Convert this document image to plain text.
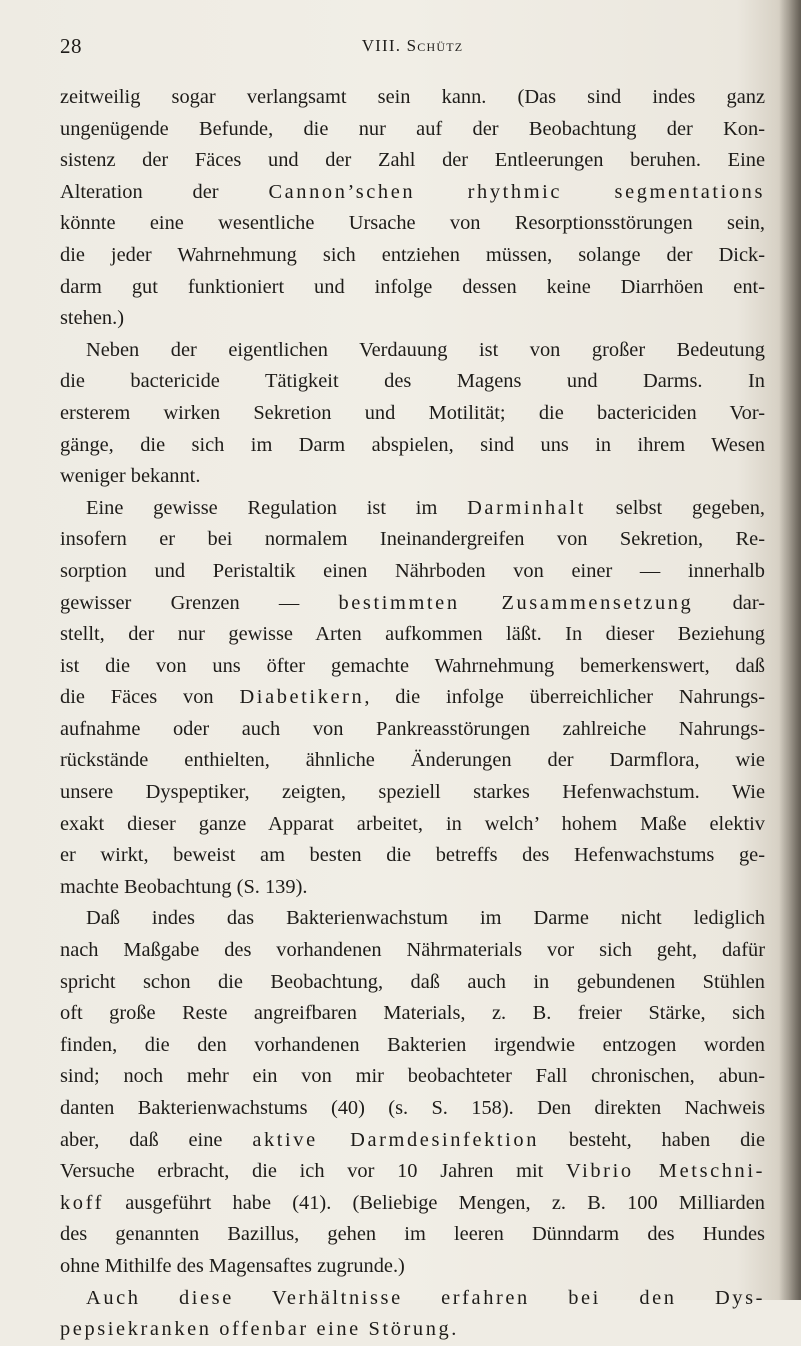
28	VIII. Schütz
zeitweilig sogar verlangsamt sein kann. (Das sind indes ganz
ungenügende Befunde, die nur auf der Beobachtung der Kon-
sistenz der Fäces und der Zahl der Entleerungen beruhen. Eine
Alteration der Cannon’schen rhythmic segmentations
könnte eine wesentliche Ursache von Resorptionsstörungen sein,
die jeder Wahrnehmung sich entziehen müssen, solange der Dick-
darm gut funktioniert und infolge dessen keine Diarrhöen ent-
stehen.)
Neben der eigentlichen Verdauung ist von großer Bedeutung
die bactericide Tätigkeit des Magens und Darms. In
ersterem wirken Sekretion und Motilität; die bactericiden Vor-
gänge, die sich im Darm abspielen, sind uns in ihrem Wesen
weniger bekannt.
Eine gewisse Regulation ist im Darminhalt selbst gegeben,
insofern er bei normalem Ineinandergreifen von Sekretion, Re-
sorption und Peristaltik einen Nährboden von einer — innerhalb
gewisser Grenzen — bestimmten Zusammensetzung dar-
stellt, der nur gewisse Arten aufkommen läßt. In dieser Beziehung
ist die von uns öfter gemachte Wahrnehmung bemerkenswert, daß
die Fäces von Diabetikern, die infolge überreichlicher Nahrungs-
aufnahme oder auch von Pankreasstörungen zahlreiche Nahrungs-
rückstände enthielten, ähnliche Änderungen der Darmflora, wie
unsere Dyspeptiker, zeigten, speziell starkes Hefenwachstum. Wie
exakt dieser ganze Apparat arbeitet, in welch’ hohem Maße elektiv
er wirkt, beweist am besten die betreffs des Hefenwachstums ge-
machte Beobachtung (S. 139).
Daß indes das Bakterienwachstum im Darme nicht lediglich
nach Maßgabe des vorhandenen Nährmaterials vor sich geht, dafür
spricht schon die Beobachtung, daß auch in gebundenen Stühlen
oft große Reste angreifbaren Materials, z. B. freier Stärke, sich
finden, die den vorhandenen Bakterien irgendwie entzogen worden
sind; noch mehr ein von mir beobachteter Fall chronischen, abun-
danten Bakterienwachstums (40) (s. S. 158). Den direkten Nachweis
aber, daß eine aktive Darmdesinfektion besteht, haben die
Versuche erbracht, die ich vor 10 Jahren mit Vibrio Metschni-
koff ausgeführt habe (41). (Beliebige Mengen, z. B. 100 Milliarden
des genannten Bazillus, gehen im leeren Dünndarm des Hundes
ohne Mithilfe des Magensaftes zugrunde.)
Auch diese Verhältnisse erfahren bei den Dys-
pepsiekranken offenbar eine Störung.
